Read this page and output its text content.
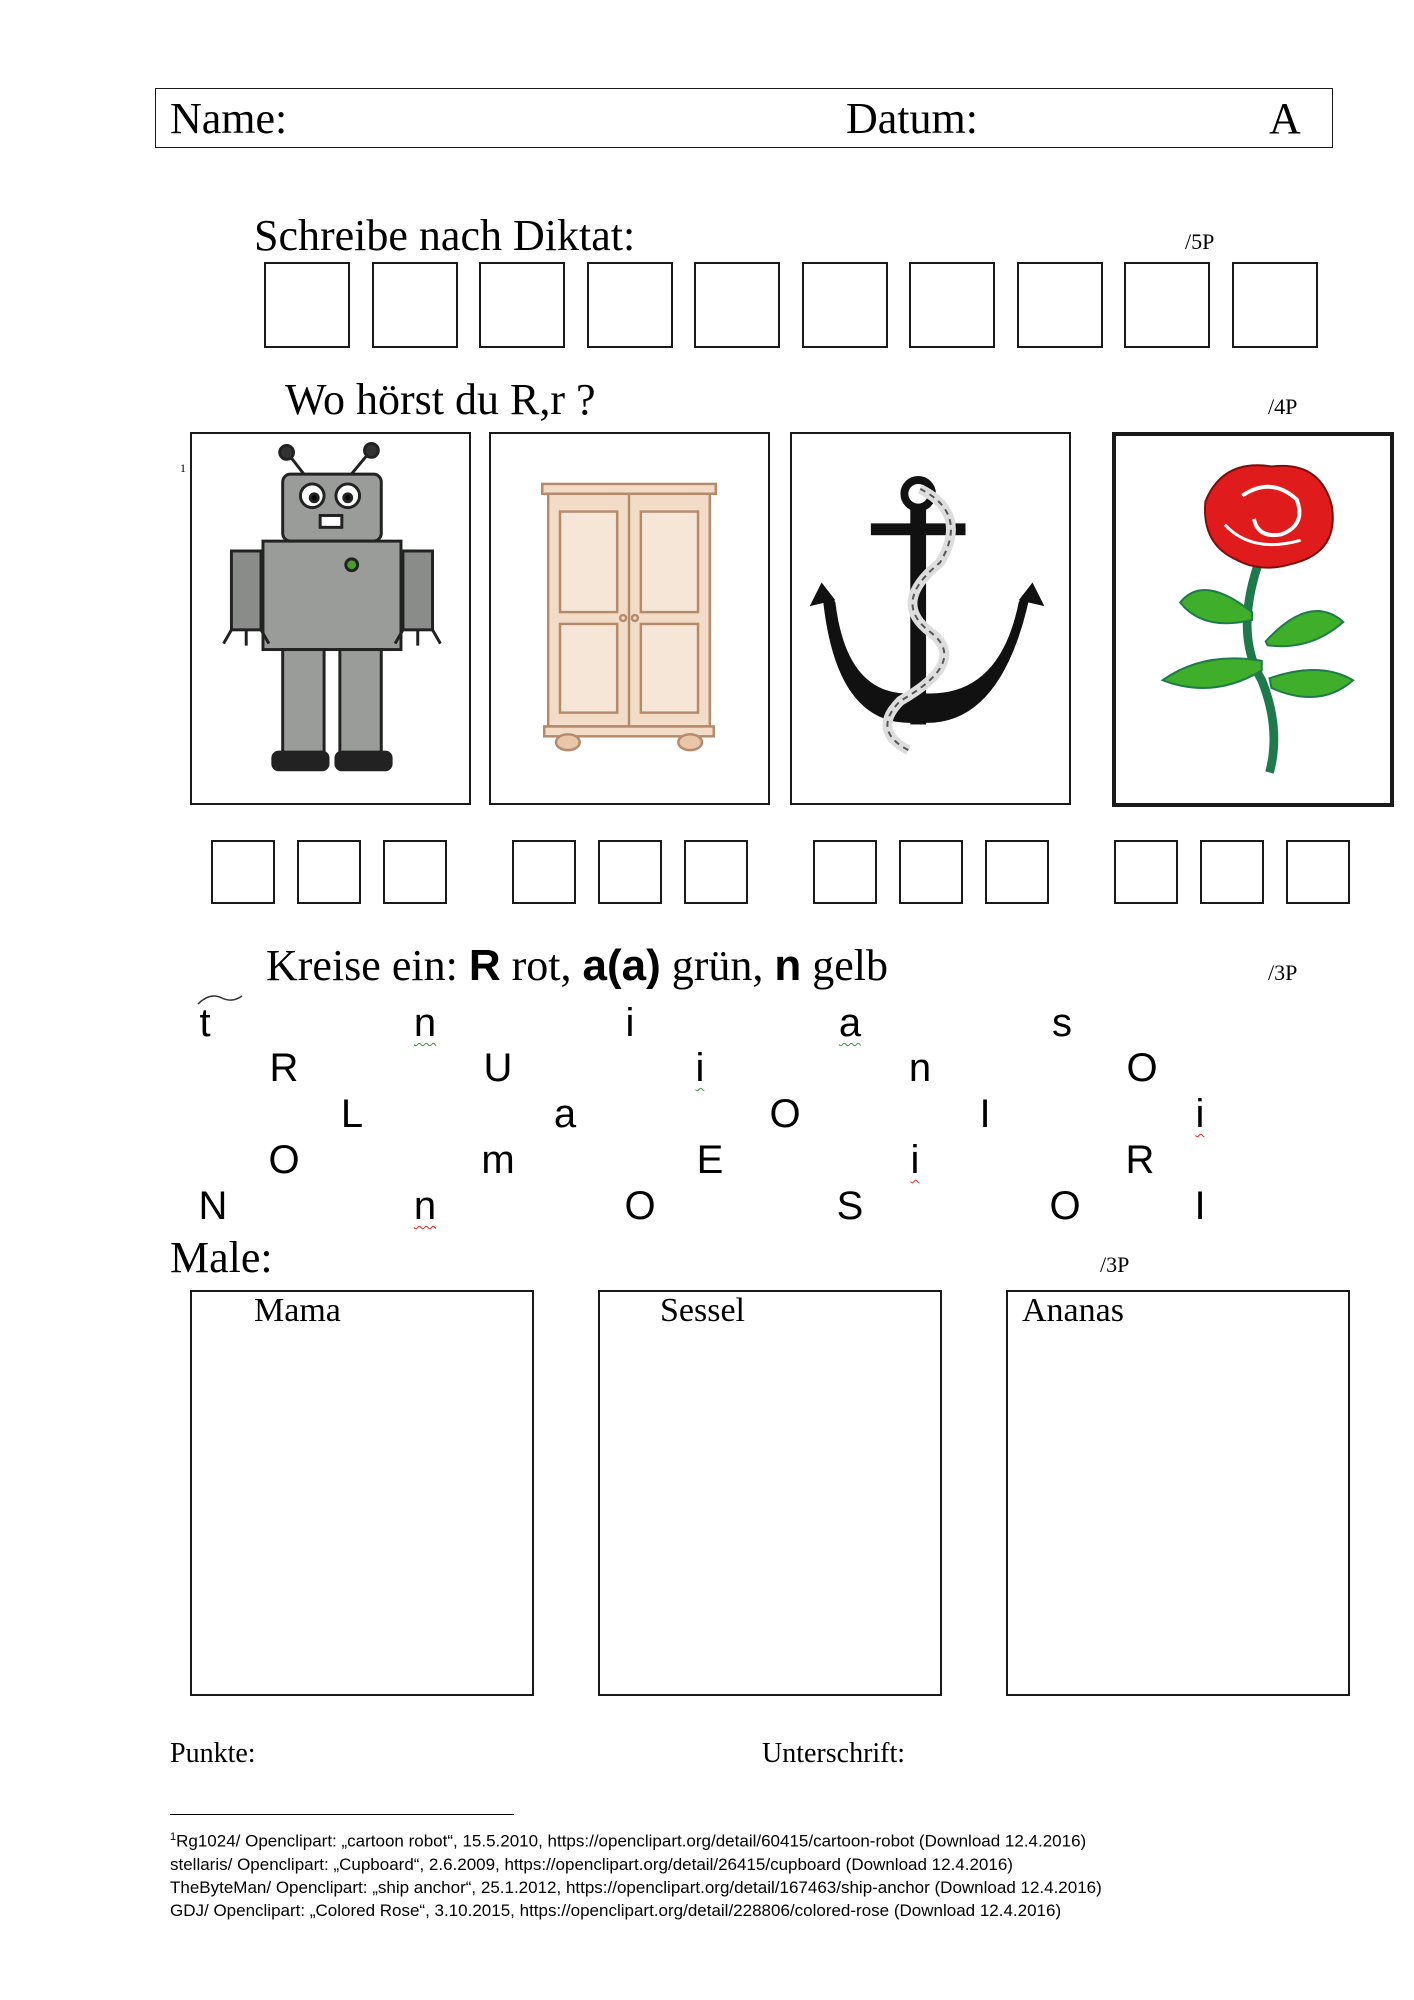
Name:	Datum:	A
Schreibe nach Diktat:	/5P
Wo hörst du R,r ?	/4P
1
Kreise ein: R rot, a(a) grün, n gelb	/3P
t	n	i	a	s
R	U	i	n	O
L	a	O	I	i
O	m	E	i	R
N	n	O	S	O	I
Male:	/3P
Mama	Sessel	Ananas
Punkte:	Unterschrift:
$^1$Rg1024/ Openclipart: „cartoon robot“, 15.5.2010, https://openclipart.org/detail/60415/cartoon-robot (Download 12.4.2016)
stellaris/ Openclipart: „Cupboard“, 2.6.2009, https://openclipart.org/detail/26415/cupboard (Download 12.4.2016)
TheByteMan/ Openclipart: „ship anchor“, 25.1.2012, https://openclipart.org/detail/167463/ship-anchor (Download 12.4.2016)
GDJ/ Openclipart: „Colored Rose“, 3.10.2015, https://openclipart.org/detail/228806/colored-rose (Download 12.4.2016)
